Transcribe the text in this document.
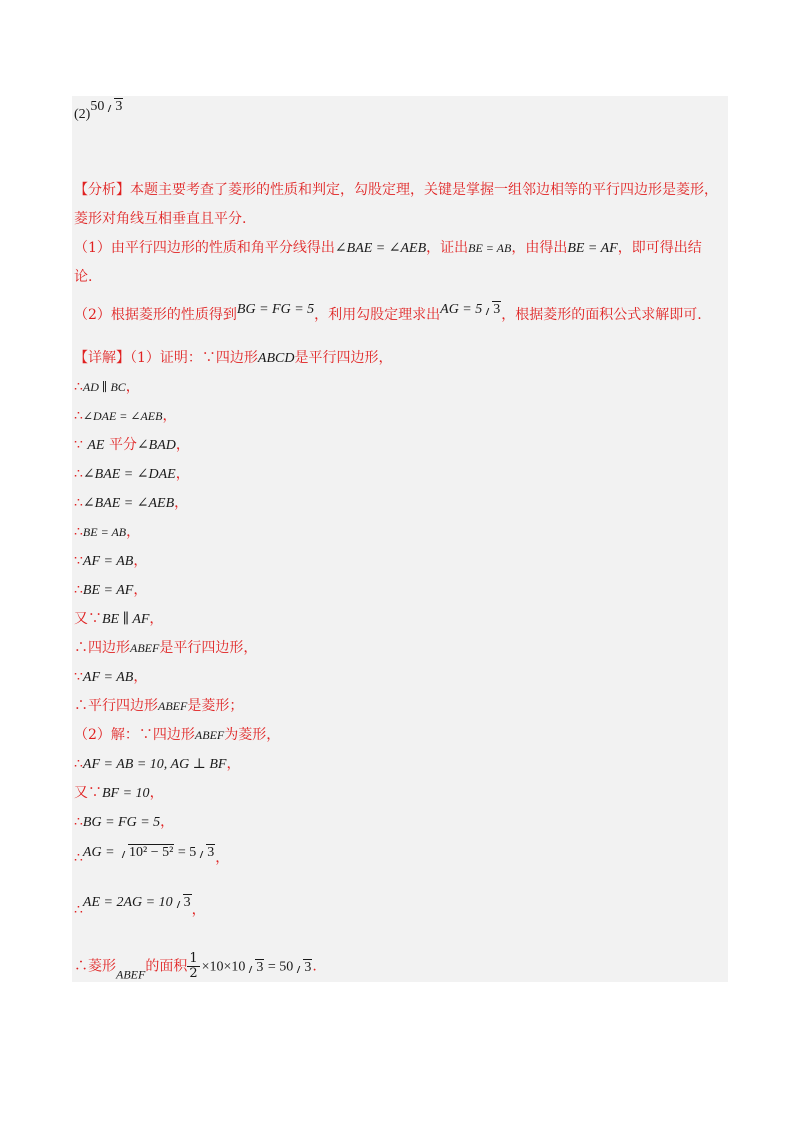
(2)50 3
【分析】本题主要考查了菱形的性质和判定，勾股定理，关键是掌握一组邻边相等的平行四边形是菱形，
菱形对角线互相垂直且平分.
（1）由平行四边形的性质和角平分线得出∠BAE = ∠AEB，证出BE = AB，由得出BE = AF，即可得出结
论.
（2）根据菱形的性质得到BG = FG = 5，利用勾股定理求出AG = 5 3，根据菱形的面积公式求解即可.
【详解】（1）证明：∵四边形ABCD是平行四边形，
∴AD ∥ BC，
∴∠DAE = ∠AEB，
∵ AE 平分∠BAD，
∴∠BAE = ∠DAE，
∴∠BAE = ∠AEB，
∴BE = AB，
∵AF = AB，
∴BE = AF，
又∵BE ∥ AF，
∴四边形ABEF是平行四边形，
∵AF = AB，
∴平行四边形ABEF是菱形；
（2）解：∵四边形ABEF为菱形，
∴AF = AB = 10, AG ⊥ BF，
又∵BF = 10，
∴BG = FG = 5，
∴AG = 10² − 5² = 5 3，
∴AE = 2AG = 10 3，
∴菱形ABEF的面积 $\frac{1}{2} \times 10\times 10$ 3 = 50 3.
